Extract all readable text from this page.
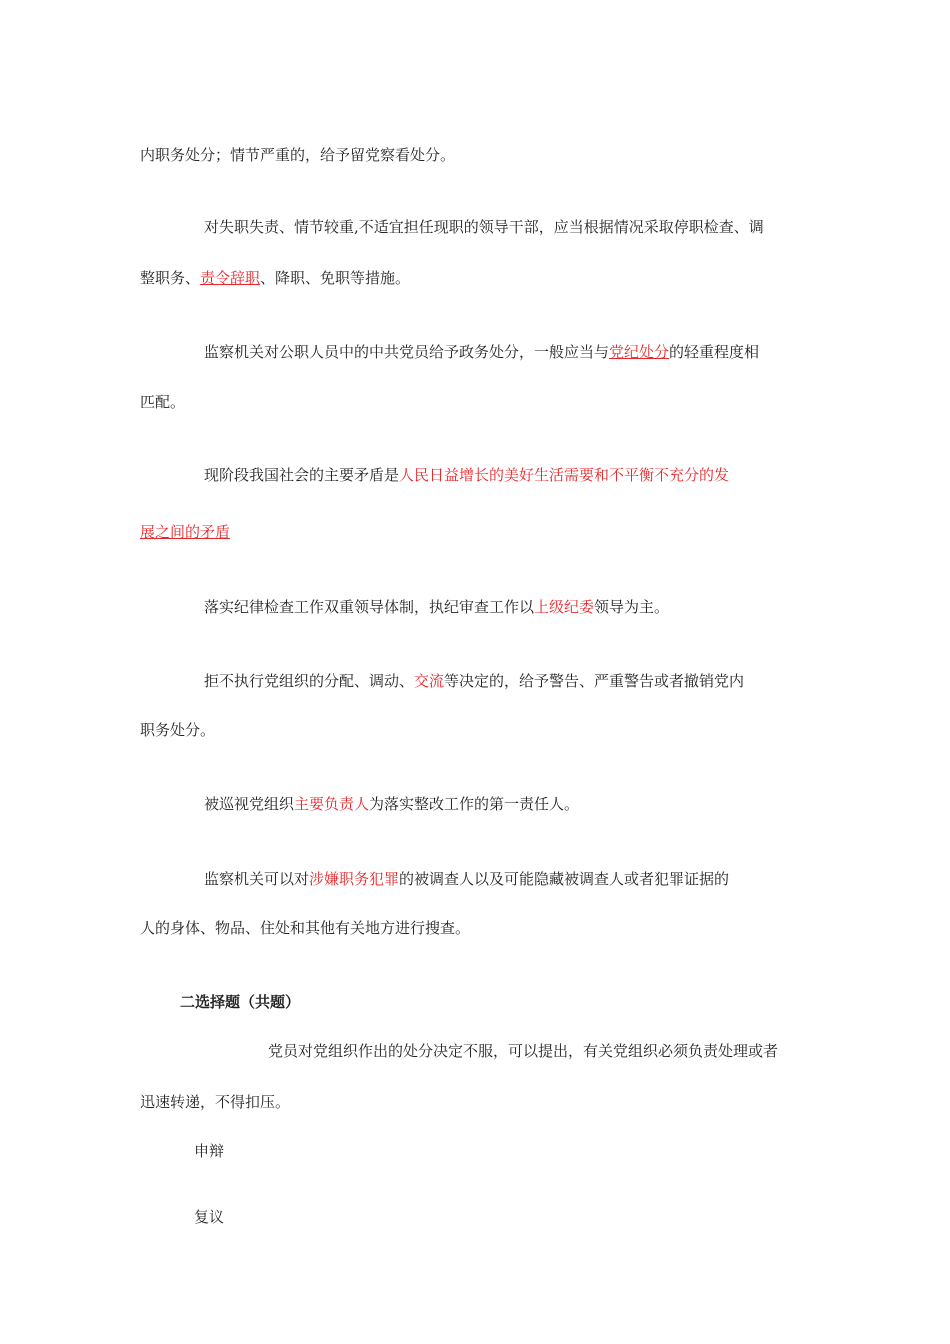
内职务处分；情节严重的，给予留党察看处分。
对失职失责、情节较重,不适宜担任现职的领导干部，应当根据情况采取停职检查、调
整职务、责令辞职、降职、免职等措施。
监察机关对公职人员中的中共党员给予政务处分，一般应当与党纪处分的轻重程度相
匹配。
现阶段我国社会的主要矛盾是人民日益增长的美好生活需要和不平衡不充分的发
展之间的矛盾
落实纪律检查工作双重领导体制，执纪审查工作以上级纪委领导为主。
拒不执行党组织的分配、调动、交流等决定的，给予警告、严重警告或者撤销党内
职务处分。
被巡视党组织主要负责人为落实整改工作的第一责任人。
监察机关可以对涉嫌职务犯罪的被调查人以及可能隐藏被调查人或者犯罪证据的
人的身体、物品、住处和其他有关地方进行搜查。
二选择题（共题）
党员对党组织作出的处分决定不服，可以提出，有关党组织必须负责处理或者
迅速转递，不得扣压。
申辩
复议
